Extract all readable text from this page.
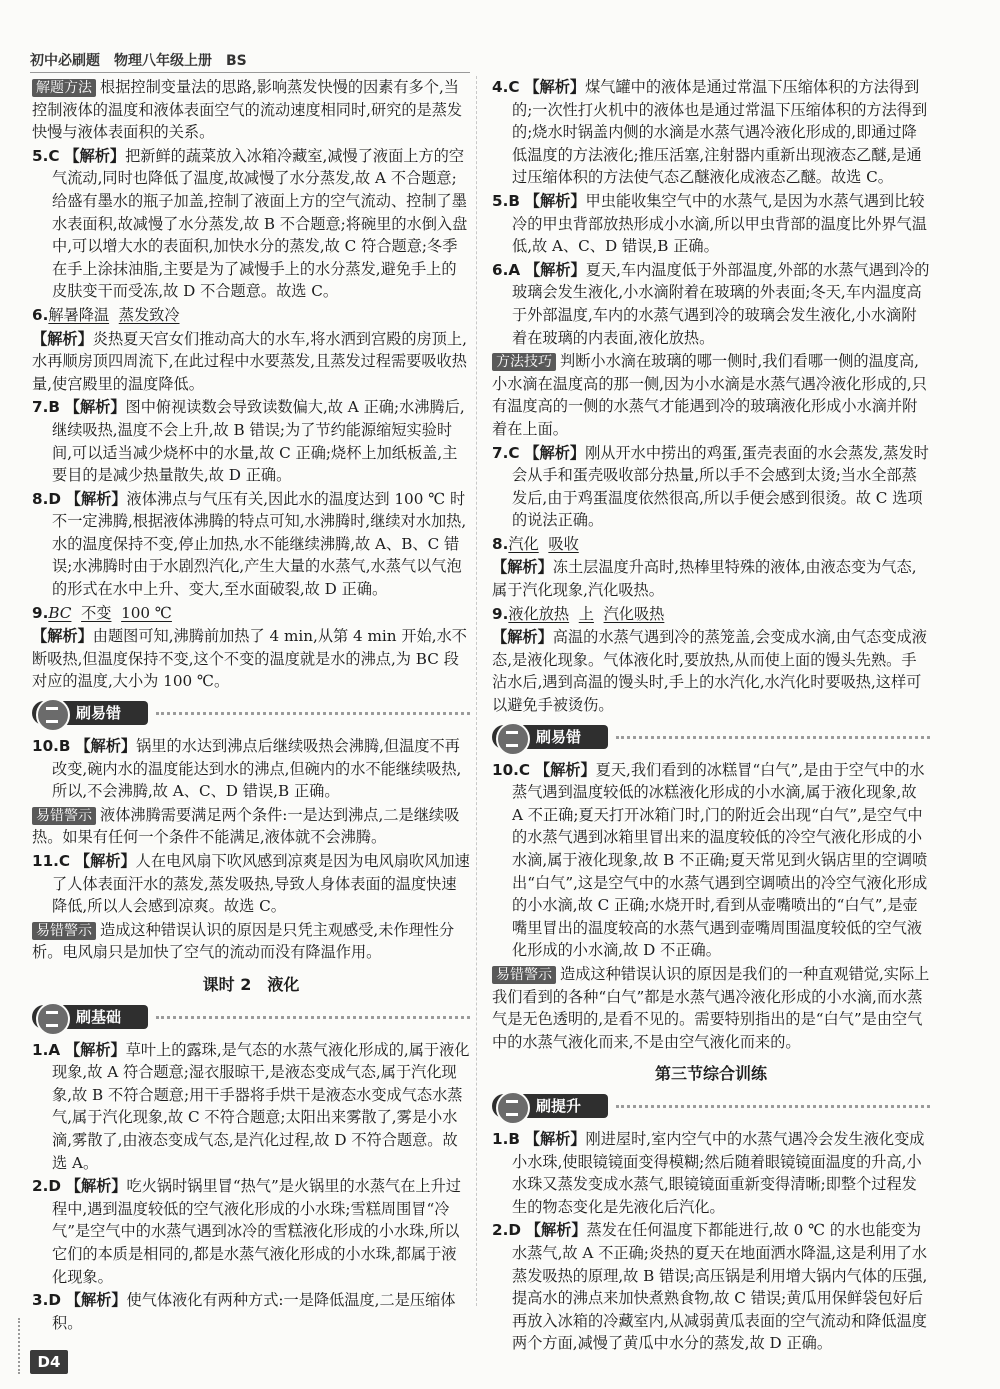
初中必刷题　物理八年级上册　BS

解题方法 根据控制变量法的思路,影响蒸发快慢的因素有多个,当控制液体的温度和液体表面空气的流动速度相同时,研究的是蒸发快慢与液体表面积的关系。

5.C 【解析】把新鲜的蔬菜放入冰箱冷藏室,减慢了液面上方的空气流动,同时也降低了温度,故减慢了水分蒸发,故 A 不合题意;给盛有墨水的瓶子加盖,控制了液面上方的空气流动、控制了墨水表面积,故减慢了水分蒸发,故 B 不合题意;将碗里的水倒入盘中,可以增大水的表面积,加快水分的蒸发,故 C 符合题意;冬季在手上涂抹油脂,主要是为了减慢手上的水分蒸发,避免手上的皮肤变干而受冻,故 D 不合题意。故选 C。

6.解暑降温 蒸发致冷

【解析】炎热夏天宫女们推动高大的水车,将水洒到宫殿的房顶上,水再顺房顶四周流下,在此过程中水要蒸发,且蒸发过程需要吸收热量,使宫殿里的温度降低。

7.B 【解析】图中俯视读数会导致读数偏大,故 A 正确;水沸腾后,继续吸热,温度不会上升,故 B 错误;为了节约能源缩短实验时间,可以适当减少烧杯中的水量,故 C 正确;烧杯上加纸板盖,主要目的是减少热量散失,故 D 正确。

8.D 【解析】液体沸点与气压有关,因此水的温度达到 100 ℃ 时不一定沸腾,根据液体沸腾的特点可知,水沸腾时,继续对水加热,水的温度保持不变,停止加热,水不能继续沸腾,故 A、B、C 错误;水沸腾时由于水剧烈汽化,产生大量的水蒸气,水蒸气以气泡的形式在水中上升、变大,至水面破裂,故 D 正确。

9.BC 不变 100 ℃

【解析】由题图可知,沸腾前加热了 4 min,从第 4 min 开始,水不断吸热,但温度保持不变,这个不变的温度就是水的沸点,为 BC 段对应的温度,大小为 100 ℃。

刷易错

10.B 【解析】锅里的水达到沸点后继续吸热会沸腾,但温度不再改变,碗内水的温度能达到水的沸点,但碗内的水不能继续吸热,所以,不会沸腾,故 A、C、D 错误,B 正确。

易错警示 液体沸腾需要满足两个条件:一是达到沸点,二是继续吸热。如果有任何一个条件不能满足,液体就不会沸腾。

11.C 【解析】人在电风扇下吹风感到凉爽是因为电风扇吹风加速了人体表面汗水的蒸发,蒸发吸热,导致人身体表面的温度快速降低,所以人会感到凉爽。故选 C。

易错警示 造成这种错误认识的原因是只凭主观感受,未作理性分析。电风扇只是加快了空气的流动而没有降温作用。

课时 2　液化
刷基础

1.A 【解析】草叶上的露珠,是气态的水蒸气液化形成的,属于液化现象,故 A 符合题意;湿衣服晾干,是液态变成气态,属于汽化现象,故 B 不符合题意;用干手器将手烘干是液态水变成气态水蒸气,属于汽化现象,故 C 不符合题意;太阳出来雾散了,雾是小水滴,雾散了,由液态变成气态,是汽化过程,故 D 不符合题意。故选 A。

2.D 【解析】吃火锅时锅里冒“热气”是火锅里的水蒸气在上升过程中,遇到温度较低的空气液化形成的小水珠;雪糕周围冒“冷气”是空气中的水蒸气遇到冰冷的雪糕液化形成的小水珠,所以它们的本质是相同的,都是水蒸气液化形成的小水珠,都属于液化现象。

3.D 【解析】使气体液化有两种方式:一是降低温度,二是压缩体积。

4.C 【解析】煤气罐中的液体是通过常温下压缩体积的方法得到的;一次性打火机中的液体也是通过常温下压缩体积的方法得到的;烧水时锅盖内侧的水滴是水蒸气遇冷液化形成的,即通过降低温度的方法液化;推压活塞,注射器内重新出现液态乙醚,是通过压缩体积的方法使气态乙醚液化成液态乙醚。故选 C。

5.B 【解析】甲虫能收集空气中的水蒸气,是因为水蒸气遇到比较冷的甲虫背部放热形成小水滴,所以甲虫背部的温度比外界气温低,故 A、C、D 错误,B 正确。

6.A 【解析】夏天,车内温度低于外部温度,外部的水蒸气遇到冷的玻璃会发生液化,小水滴附着在玻璃的外表面;冬天,车内温度高于外部温度,车内的水蒸气遇到冷的玻璃会发生液化,小水滴附着在玻璃的内表面,液化放热。

方法技巧 判断小水滴在玻璃的哪一侧时,我们看哪一侧的温度高,小水滴在温度高的那一侧,因为小水滴是水蒸气遇冷液化形成的,只有温度高的一侧的水蒸气才能遇到冷的玻璃液化形成小水滴并附着在上面。

7.C 【解析】刚从开水中捞出的鸡蛋,蛋壳表面的水会蒸发,蒸发时会从手和蛋壳吸收部分热量,所以手不会感到太烫;当水全部蒸发后,由于鸡蛋温度依然很高,所以手便会感到很烫。故 C 选项的说法正确。

8.汽化 吸收

【解析】冻土层温度升高时,热棒里特殊的液体,由液态变为气态,属于汽化现象,汽化吸热。

9.液化放热 上 汽化吸热

【解析】高温的水蒸气遇到冷的蒸笼盖,会变成水滴,由气态变成液态,是液化现象。气体液化时,要放热,从而使上面的馒头先熟。手沾水后,遇到高温的馒头时,手上的水汽化,水汽化时要吸热,这样可以避免手被烫伤。

刷易错

10.C 【解析】夏天,我们看到的冰糕冒“白气”,是由于空气中的水蒸气遇到温度较低的冰糕液化形成的小水滴,属于液化现象,故 A 不正确;夏天打开冰箱门时,门的附近会出现“白气”,是空气中的水蒸气遇到冰箱里冒出来的温度较低的冷空气液化形成的小水滴,属于液化现象,故 B 不正确;夏天常见到火锅店里的空调喷出“白气”,这是空气中的水蒸气遇到空调喷出的冷空气液化形成的小水滴,故 C 正确;水烧开时,看到从壶嘴喷出的“白气”,是壶嘴里冒出的温度较高的水蒸气遇到壶嘴周围温度较低的空气液化形成的小水滴,故 D 不正确。

易错警示 造成这种错误认识的原因是我们的一种直观错觉,实际上我们看到的各种“白气”都是水蒸气遇冷液化形成的小水滴,而水蒸气是无色透明的,是看不见的。需要特别指出的是“白气”是由空气中的水蒸气液化而来,不是由空气液化而来的。

第三节综合训练
刷提升

1.B 【解析】刚进屋时,室内空气中的水蒸气遇冷会发生液化变成小水珠,使眼镜镜面变得模糊;然后随着眼镜镜面温度的升高,小水珠又蒸发变成水蒸气,眼镜镜面重新变得清晰;即整个过程发生的物态变化是先液化后汽化。

2.D 【解析】蒸发在任何温度下都能进行,故 0 ℃ 的水也能变为水蒸气,故 A 不正确;炎热的夏天在地面洒水降温,这是利用了水蒸发吸热的原理,故 B 错误;高压锅是利用增大锅内气体的压强,提高水的沸点来加快煮熟食物,故 C 错误;黄瓜用保鲜袋包好后再放入冰箱的冷藏室内,从减弱黄瓜表面的空气流动和降低温度两个方面,减慢了黄瓜中水分的蒸发,故 D 正确。

D4
